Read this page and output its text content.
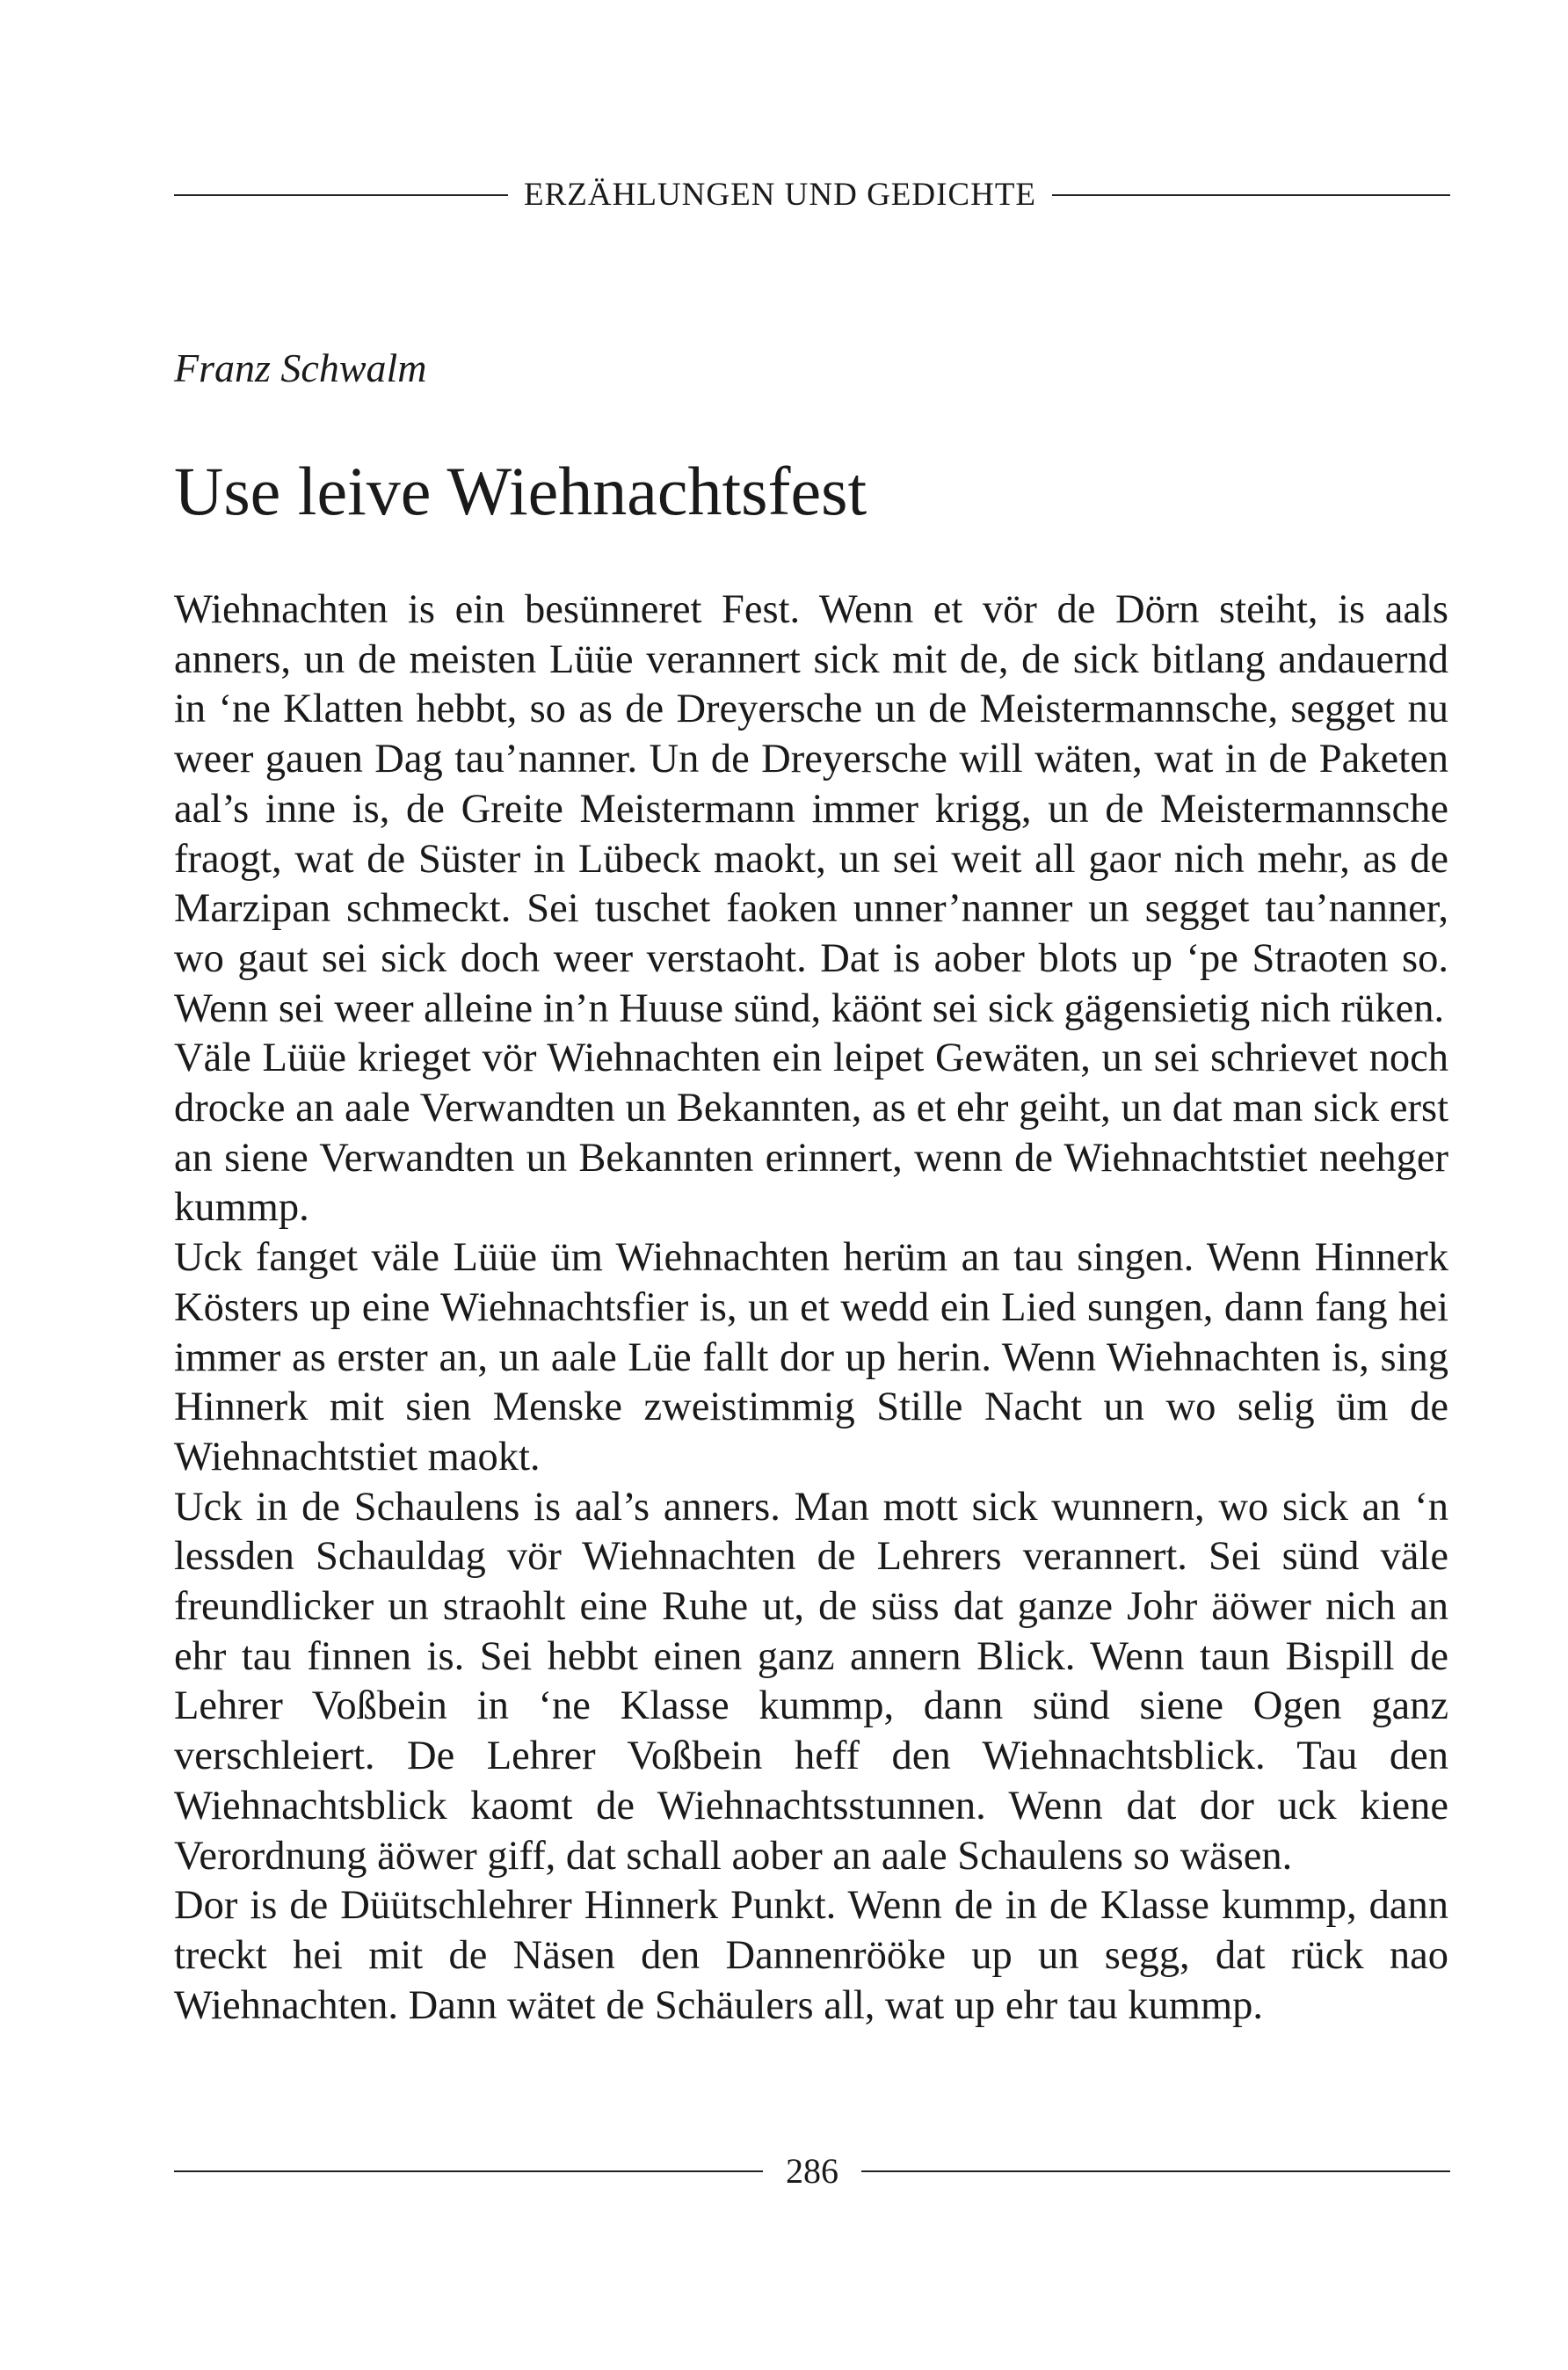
ERZÄHLUNGEN UND GEDICHTE
Franz Schwalm
Use leive Wiehnachtsfest

Wiehnachten is ein besünneret Fest. Wenn et vör de Dörn steiht, is aals anners, un de meisten Lüüe verannert sick mit de, de sick bitlang andauernd in ‘ne Klatten hebbt, so as de Dreyersche un de Meistermannsche, segget nu weer gauen Dag tau’nanner. Un de Dreyersche will wäten, wat in de Paketen aal’s inne is, de Greite Meistermann immer krigg, un de Meistermannsche fraogt, wat de Süster in Lübeck maokt, un sei weit all gaor nich mehr, as de Marzipan schmeckt. Sei tuschet faoken unner’nanner un segget tau’nanner, wo gaut sei sick doch weer verstaoht. Dat is aober blots up ‘pe Straoten so. Wenn sei weer alleine in’n Huuse sünd, käönt sei sick gägensietig nich rüken.

Väle Lüüe krieget vör Wiehnachten ein leipet Gewäten, un sei schrievet noch drocke an aale Verwandten un Bekannten, as et ehr geiht, un dat man sick erst an siene Verwandten un Bekannten erinnert, wenn de Wiehnachtstiet neehger kummp.

Uck fanget väle Lüüe üm Wiehnachten herüm an tau singen. Wenn Hinnerk Kösters up eine Wiehnachtsfier is, un et wedd ein Lied sungen, dann fang hei immer as erster an, un aale Lüe fallt dor up herin. Wenn Wiehnachten is, sing Hinnerk mit sien Menske zweistimmig Stille Nacht un wo selig üm de Wiehnachtstiet maokt.

Uck in de Schaulens is aal’s anners. Man mott sick wunnern, wo sick an ‘n lessden Schauldag vör Wiehnachten de Lehrers verannert. Sei sünd väle freundlicker un straohlt eine Ruhe ut, de süss dat ganze Johr äöwer nich an ehr tau finnen is. Sei hebbt einen ganz annern Blick. Wenn taun Bispill de Lehrer Voßbein in ‘ne Klasse kummp, dann sünd siene Ogen ganz verschleiert. De Lehrer Voßbein heff den Wiehnachtsblick. Tau den Wiehnachtsblick kaomt de Wiehnachtsstunnen. Wenn dat dor uck kiene Verordnung äöwer giff, dat schall aober an aale Schaulens so wäsen.

Dor is de Düütschlehrer Hinnerk Punkt. Wenn de in de Klasse kummp, dann treckt hei mit de Näsen den Dannenrööke up un segg, dat rück nao Wiehnachten. Dann wätet de Schäulers all, wat up ehr tau kummp.

286
